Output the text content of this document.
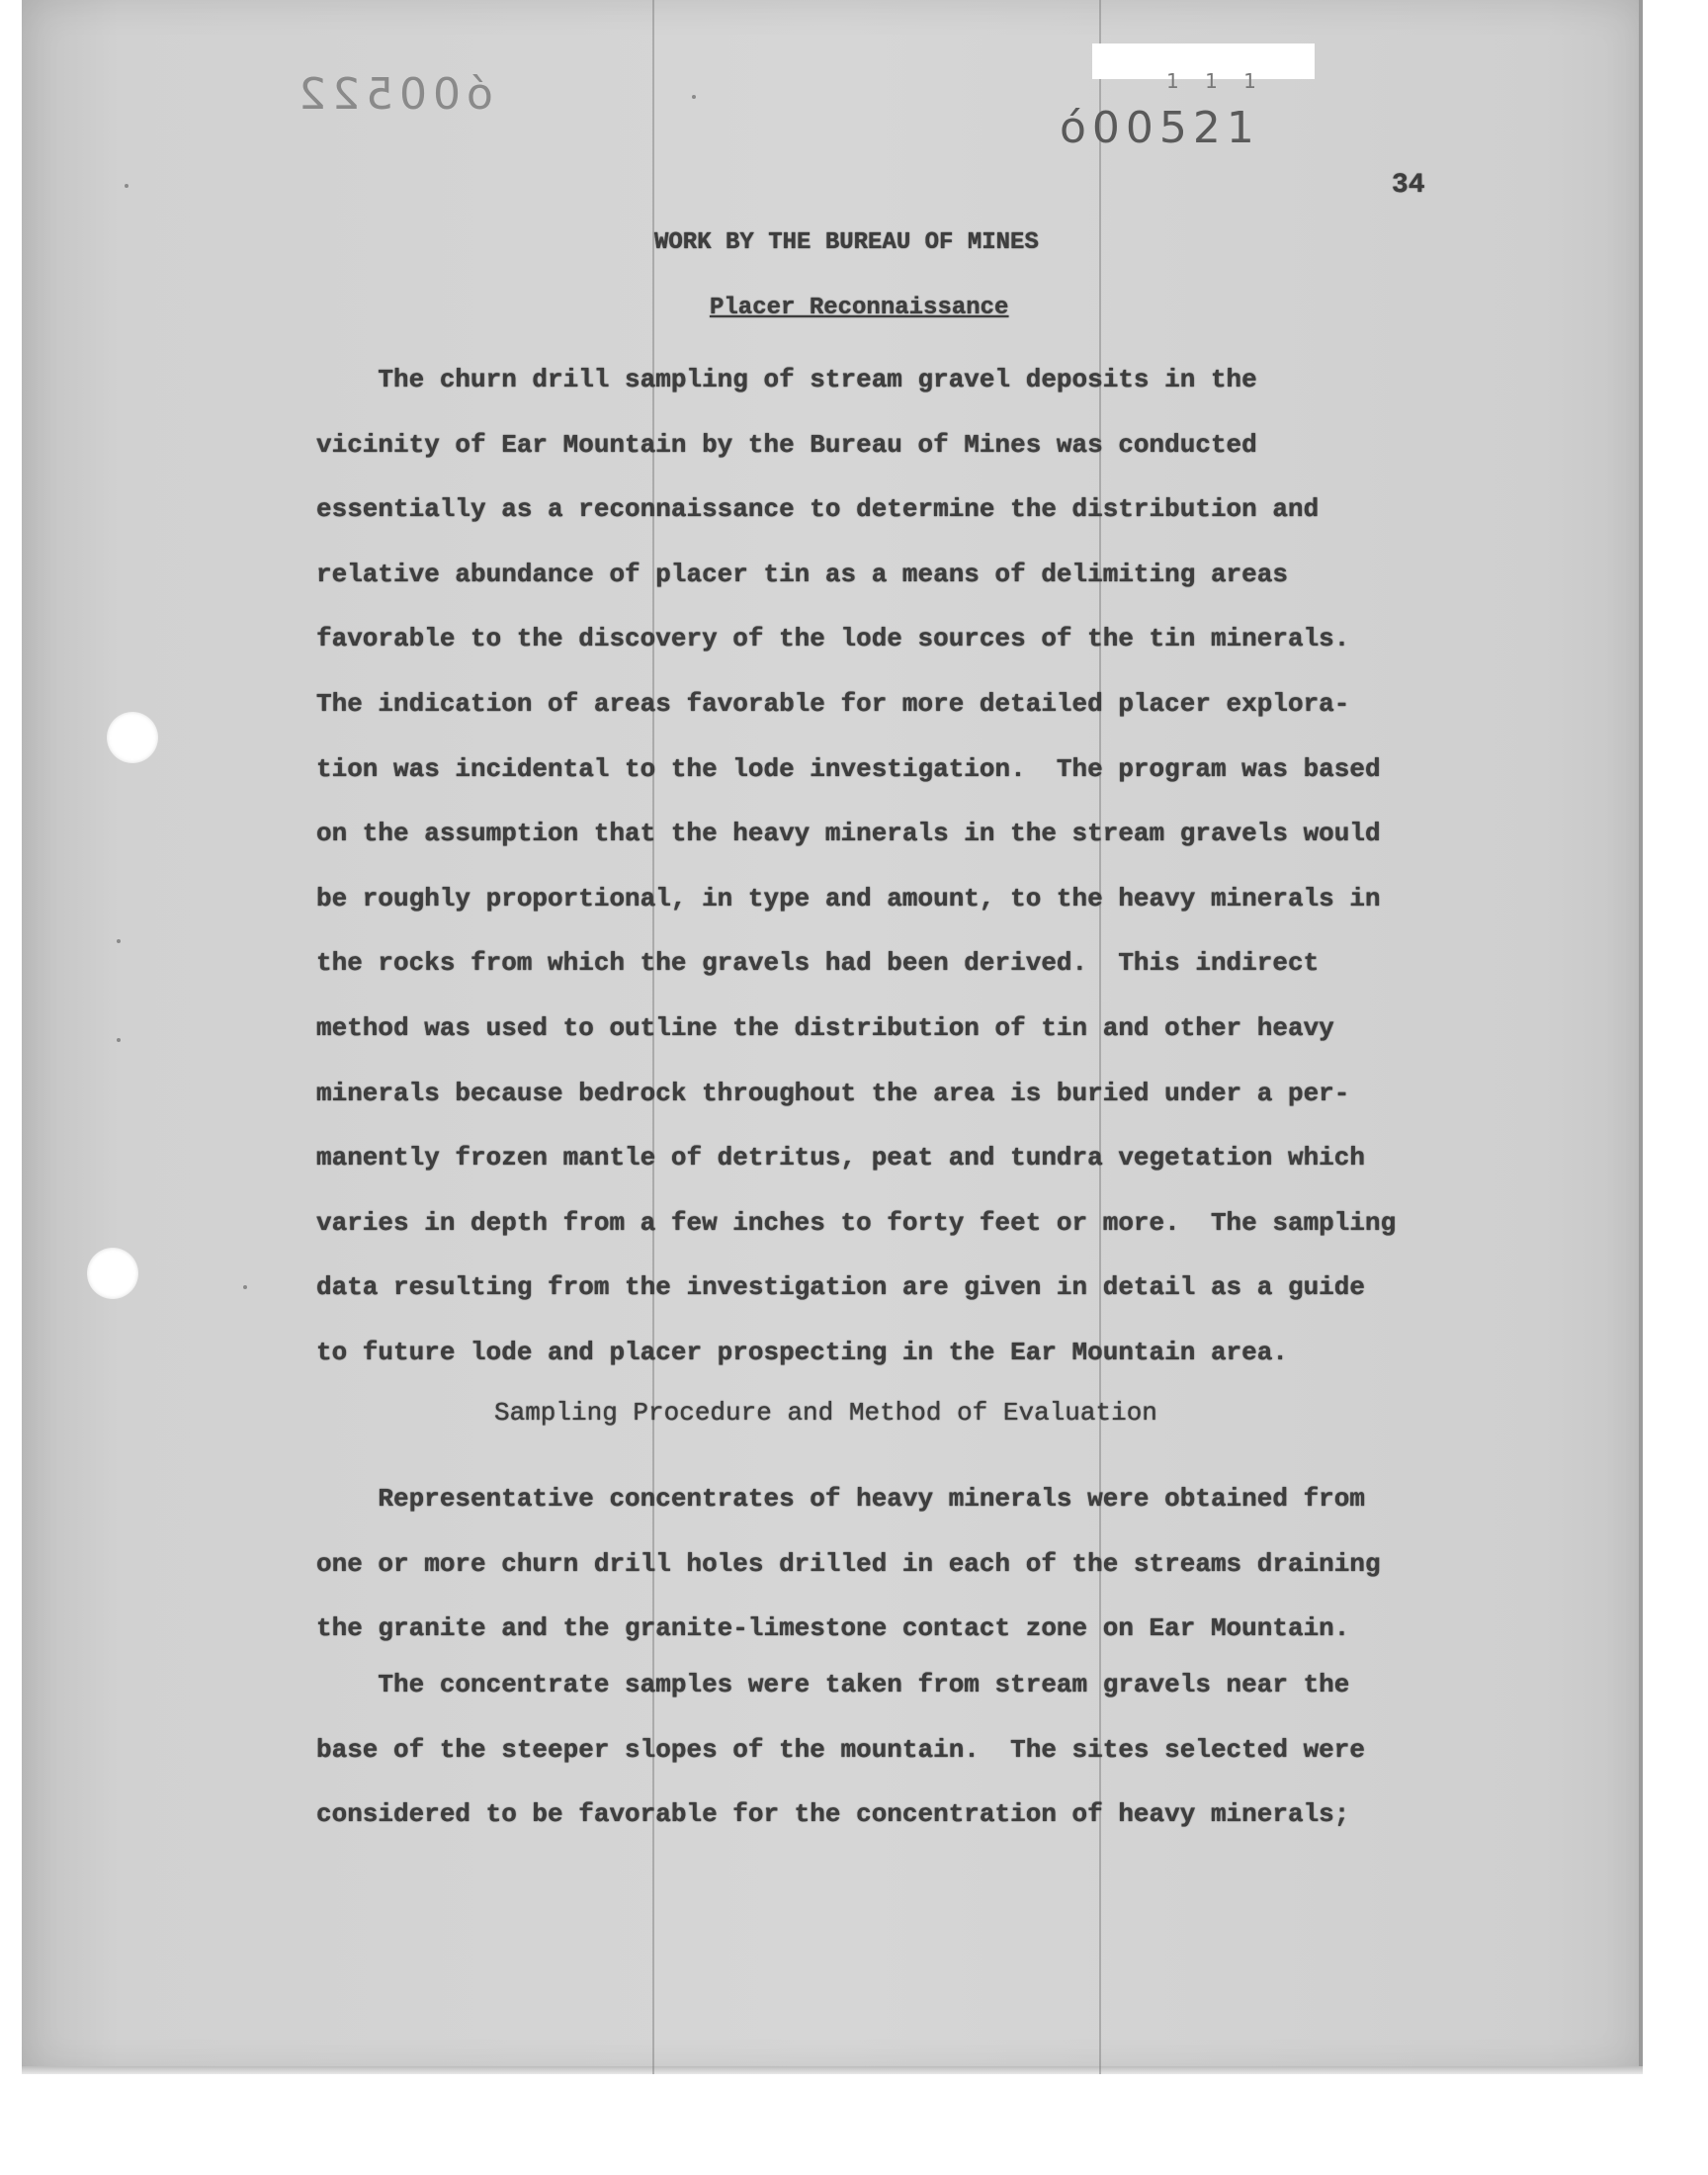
1 1 1
ó00522
ó00521
34
WORK BY THE BUREAU OF MINES
Placer Reconnaissance
The churn drill sampling of stream gravel deposits in the
vicinity of Ear Mountain by the Bureau of Mines was conducted
essentially as a reconnaissance to determine the distribution and
relative abundance of placer tin as a means of delimiting areas
favorable to the discovery of the lode sources of the tin minerals.
The indication of areas favorable for more detailed placer explora-
tion was incidental to the lode investigation.  The program was based
on the assumption that the heavy minerals in the stream gravels would
be roughly proportional, in type and amount, to the heavy minerals in
the rocks from which the gravels had been derived.  This indirect
method was used to outline the distribution of tin and other heavy
minerals because bedrock throughout the area is buried under a per-
manently frozen mantle of detritus, peat and tundra vegetation which
varies in depth from a few inches to forty feet or more.  The sampling
data resulting from the investigation are given in detail as a guide
to future lode and placer prospecting in the Ear Mountain area.
Sampling Procedure and Method of Evaluation
Representative concentrates of heavy minerals were obtained from
one or more churn drill holes drilled in each of the streams draining
the granite and the granite-limestone contact zone on Ear Mountain.
The concentrate samples were taken from stream gravels near the
base of the steeper slopes of the mountain.  The sites selected were
considered to be favorable for the concentration of heavy minerals;
